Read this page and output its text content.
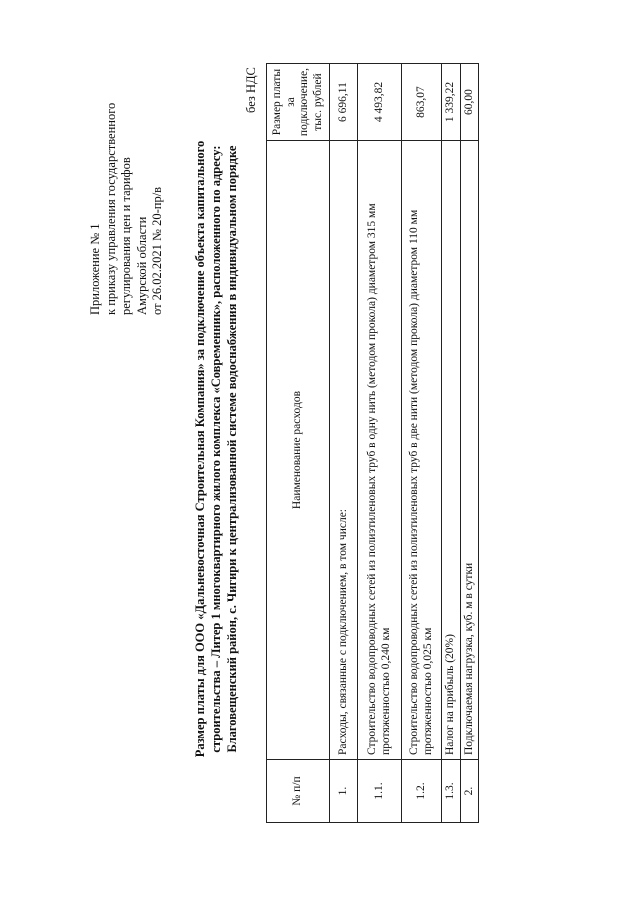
Приложение № 1 к приказу управления государственного регулирования цен и тарифов Амурской области от 26.02.2021 № 20-пр/в Размер платы для ООО «Дальневосточная Строительная Компания» за подключение объекта капитального строительства – Литер 1 многоквартирного жилого комплекса «Современник», расположенного по адресу: Благовещенский район, с. Чигири к централизованной системе водоснабжения в индивидуальном порядке
без НДС
№ п/п	Наименование расходов	Размер платы за подключение, тыс. рублей
1.	Расходы, связанные с подключением, в том числе:	6 696,11
1.1.	Строительство водопроводных сетей из полиэтиленовых труб в одну нить (методом прокола) диаметром 315 мм протяженностью 0,240 км	4 493,82
1.2.	Строительство водопроводных сетей из полиэтиленовых труб в две нити (методом прокола) диаметром 110 мм протяженностью 0,025 км	863,07
1.3.	Налог на прибыль (20%)	1 339,22
2.	Подключаемая нагрузка, куб. м в сутки	60,00
